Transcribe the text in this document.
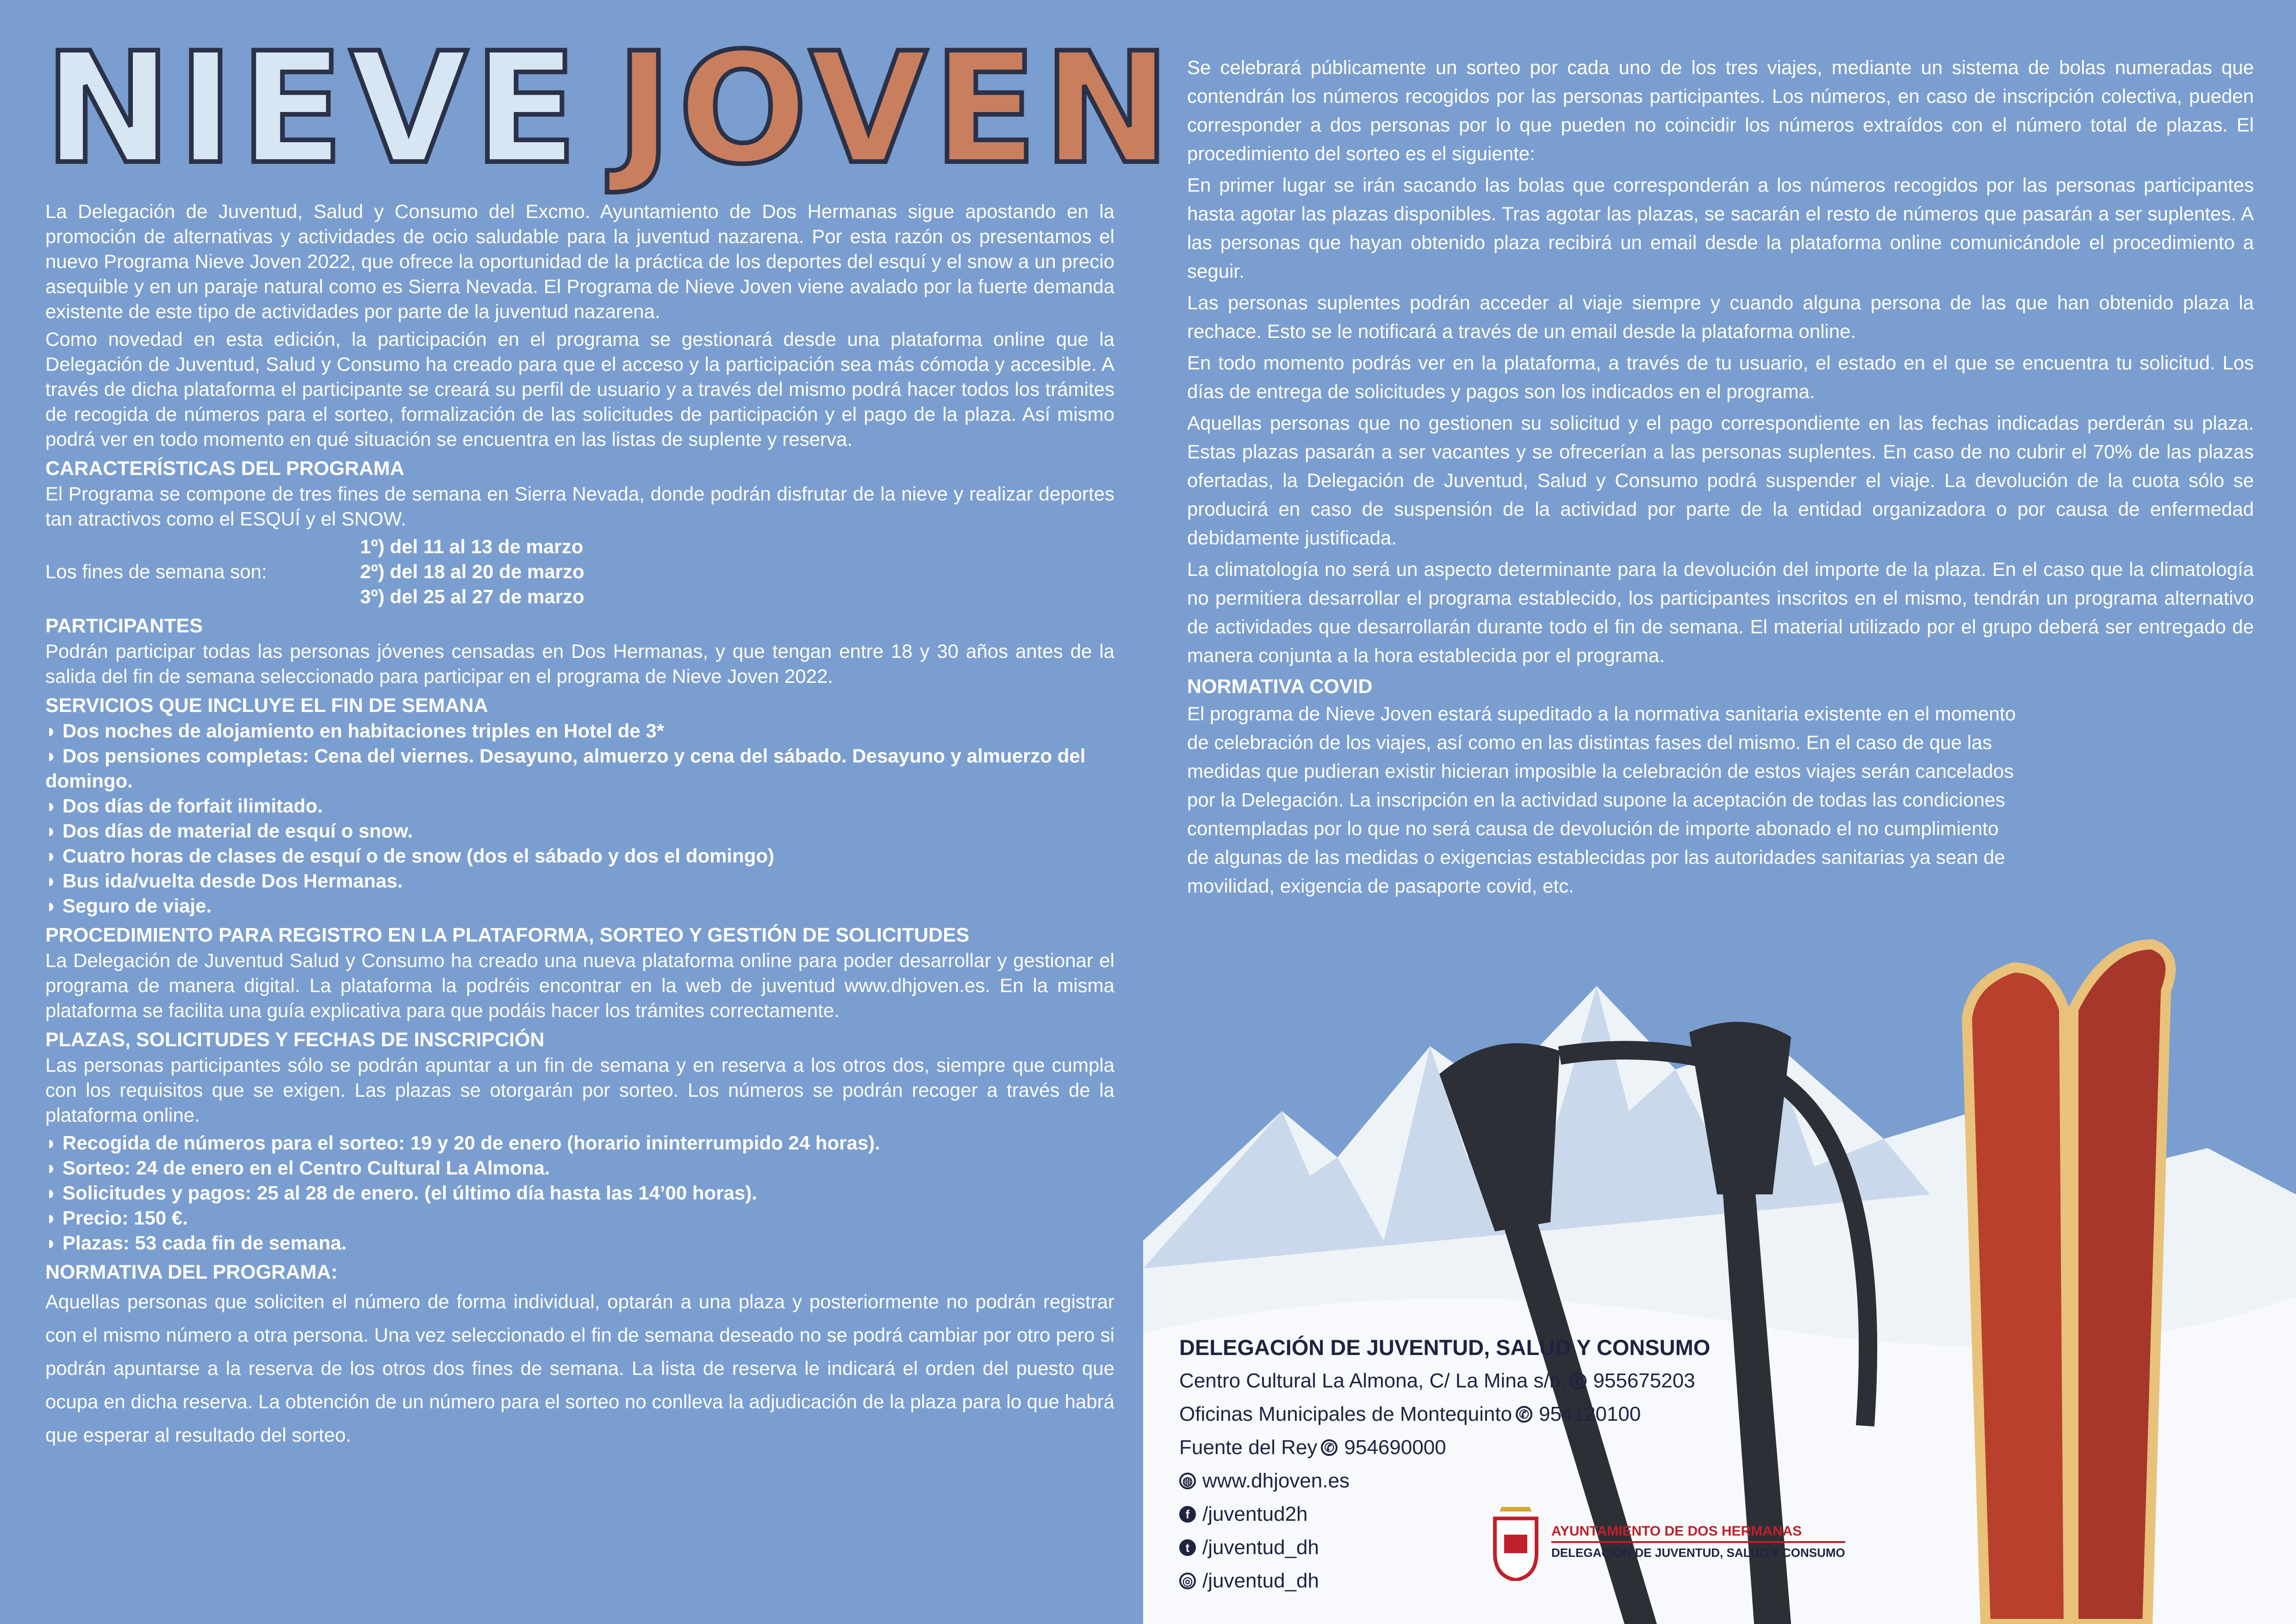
NIEVE JOVEN

La Delegación de Juventud, Salud y Consumo del Excmo. Ayuntamiento de Dos Hermanas sigue apostando en la promoción de alternativas y actividades de ocio saludable para la juventud nazarena. Por esta razón os presentamos el nuevo Programa Nieve Joven 2022, que ofrece la oportunidad de la práctica de los deportes del esquí y el snow a un precio asequible y en un paraje natural como es Sierra Nevada. El Programa de Nieve Joven viene avalado por la fuerte demanda existente de este tipo de actividades por parte de la juventud nazarena.

Como novedad en esta edición, la participación en el programa se gestionará desde una plataforma online que la Delegación de Juventud, Salud y Consumo ha creado para que el acceso y la participación sea más cómoda y accesible. A través de dicha plataforma el participante se creará su perfil de usuario y a través del mismo podrá hacer todos los trámites de recogida de números para el sorteo, formalización de las solicitudes de participación y el pago de la plaza. Así mismo podrá ver en todo momento en qué situación se encuentra en las listas de suplente y reserva.

CARACTERÍSTICAS DEL PROGRAMA

El Programa se compone de tres fines de semana en Sierra Nevada, donde podrán disfrutar de la nieve y realizar deportes tan atractivos como el ESQUÍ y el SNOW.

Los fines de semana son:
1º) del 11 al 13 de marzo
2º) del 18 al 20 de marzo
3º) del 25 al 27 de marzo
PARTICIPANTES

Podrán participar todas las personas jóvenes censadas en Dos Hermanas, y que tengan entre 18 y 30 años antes de la salida del fin de semana seleccionado para participar en el programa de Nieve Joven 2022.

SERVICIOS QUE INCLUYE EL FIN DE SEMANA
◗ Dos noches de alojamiento en habitaciones triples en Hotel de 3*
◗ Dos pensiones completas: Cena del viernes. Desayuno, almuerzo y cena del sábado. Desayuno y almuerzo del domingo.
◗ Dos días de forfait ilimitado.
◗ Dos días de material de esquí o snow.
◗ Cuatro horas de clases de esquí o de snow (dos el sábado y dos el domingo)
◗ Bus ida/vuelta desde Dos Hermanas.
◗ Seguro de viaje.
PROCEDIMIENTO PARA REGISTRO EN LA PLATAFORMA, SORTEO Y GESTIÓN DE SOLICITUDES

La Delegación de Juventud Salud y Consumo ha creado una nueva plataforma online para poder desarrollar y gestionar el programa de manera digital. La plataforma la podréis encontrar en la web de juventud www.dhjoven.es. En la misma plataforma se facilita una guía explicativa para que podáis hacer los trámites correctamente.

PLAZAS, SOLICITUDES Y FECHAS DE INSCRIPCIÓN

Las personas participantes sólo se podrán apuntar a un fin de semana y en reserva a los otros dos, siempre que cumpla con los requisitos que se exigen. Las plazas se otorgarán por sorteo. Los números se podrán recoger a través de la plataforma online.

◗ Recogida de números para el sorteo: 19 y 20 de enero (horario ininterrumpido 24 horas).
◗ Sorteo: 24 de enero en el Centro Cultural La Almona.
◗ Solicitudes y pagos: 25 al 28 de enero. (el último día hasta las 14’00 horas).
◗ Precio: 150 €.
◗ Plazas: 53 cada fin de semana.
NORMATIVA DEL PROGRAMA:

Aquellas personas que soliciten el número de forma individual, optarán a una plaza y posteriormente no podrán registrar con el mismo número a otra persona. Una vez seleccionado el fin de semana deseado no se podrá cambiar por otro pero si podrán apuntarse a la reserva de los otros dos fines de semana. La lista de reserva le indicará el orden del puesto que ocupa en dicha reserva. La obtención de un número para el sorteo no conlleva la adjudicación de la plaza para lo que habrá que esperar al resultado del sorteo.

Se celebrará públicamente un sorteo por cada uno de los tres viajes, mediante un sistema de bolas numeradas que contendrán los números recogidos por las personas participantes. Los números, en caso de inscripción colectiva, pueden corresponder a dos personas por lo que pueden no coincidir los números extraídos con el número total de plazas. El procedimiento del sorteo es el siguiente:

En primer lugar se irán sacando las bolas que corresponderán a los números recogidos por las personas participantes hasta agotar las plazas disponibles. Tras agotar las plazas, se sacarán el resto de números que pasarán a ser suplentes. A las personas que hayan obtenido plaza recibirá un email desde la plataforma online comunicándole el procedimiento a seguir.

Las personas suplentes podrán acceder al viaje siempre y cuando alguna persona de las que han obtenido plaza la rechace. Esto se le notificará a través de un email desde la plataforma online.

En todo momento podrás ver en la plataforma, a través de tu usuario, el estado en el que se encuentra tu solicitud. Los días de entrega de solicitudes y pagos son los indicados en el programa.

Aquellas personas que no gestionen su solicitud y el pago correspondiente en las fechas indicadas perderán su plaza. Estas plazas pasarán a ser vacantes y se ofrecerían a las personas suplentes. En caso de no cubrir el 70% de las plazas ofertadas, la Delegación de Juventud, Salud y Consumo podrá suspender el viaje. La devolución de la cuota sólo se producirá en caso de suspensión de la actividad por parte de la entidad organizadora o por causa de enfermedad debidamente justificada.

La climatología no será un aspecto determinante para la devolución del importe de la plaza. En el caso que la climatología no permitiera desarrollar el programa establecido, los participantes inscritos en el mismo, tendrán un programa alternativo de actividades que desarrollarán durante todo el fin de semana. El material utilizado por el grupo deberá ser entregado de manera conjunta a la hora establecida por el programa.

NORMATIVA COVID

El programa de Nieve Joven estará supeditado a la normativa sanitaria existente en el momento de celebración de los viajes, así como en las distintas fases del mismo. En el caso de que las medidas que pudieran existir hicieran imposible la celebración de estos viajes serán cancelados por la Delegación. La inscripción en la actividad supone la aceptación de todas las condiciones contempladas por lo que no será causa de devolución de importe abonado el no cumplimiento de algunas de las medidas o exigencias establecidas por las autoridades sanitarias ya sean de movilidad, exigencia de pasaporte covid, etc.

DELEGACIÓN DE JUVENTUD, SALUD Y CONSUMO
Centro Cultural La Almona, C/ La Mina s/n. ✆ 955675203
Oficinas Municipales de Montequinto ✆ 954120100
Fuente del Rey ✆ 954690000
◍ www.dhjoven.es
f /juventud2h
t /juventud_dh
◎ /juventud_dh
AYUNTAMIENTO DE DOS HERMANAS
DELEGACIÓN DE JUVENTUD, SALUD Y CONSUMO
